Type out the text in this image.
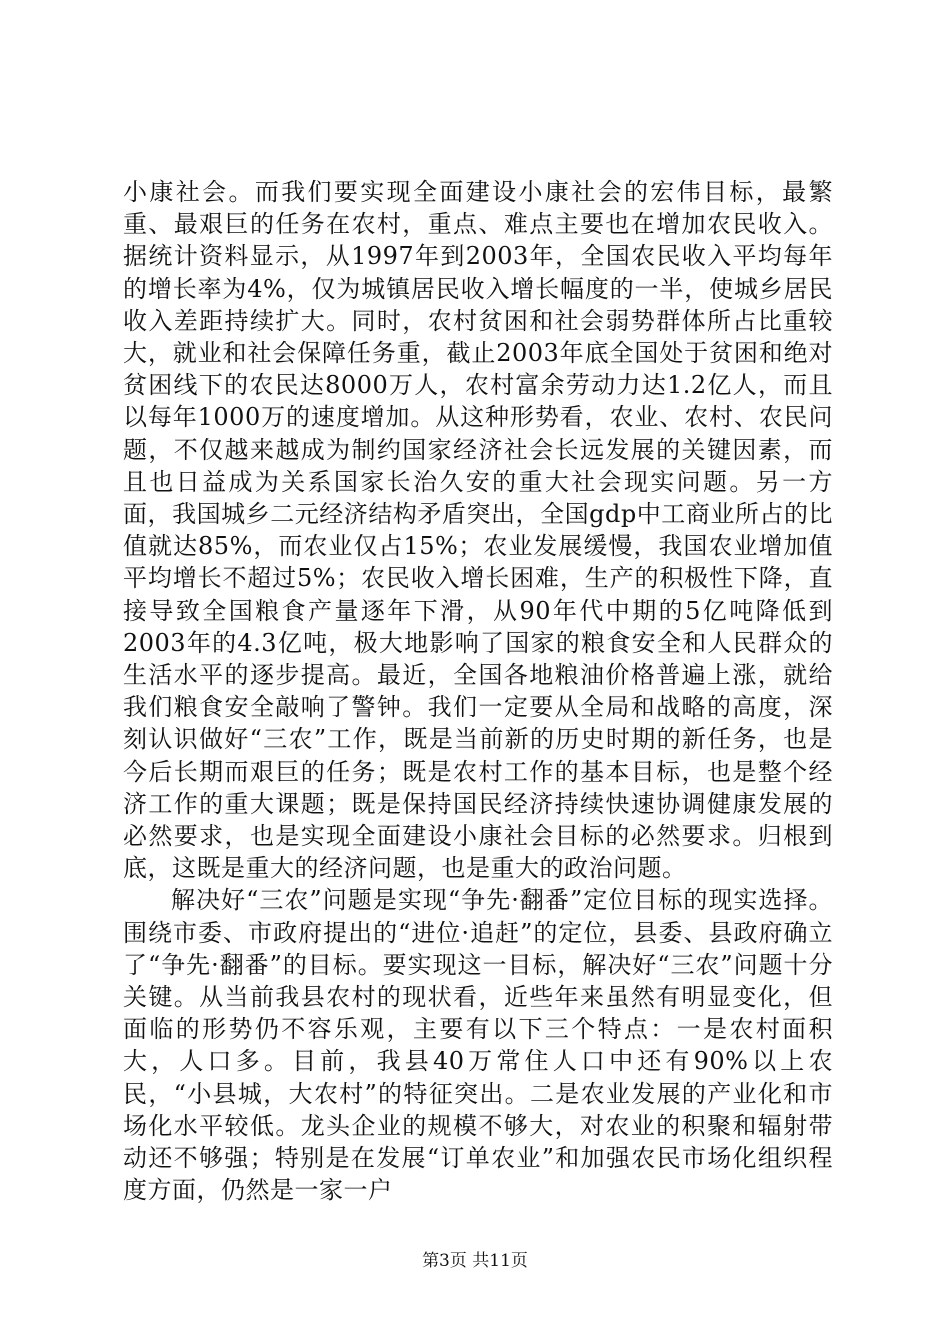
小康社会。而我们要实现全面建设小康社会的宏伟目标，最繁重、最艰巨的任务在农村，重点、难点主要也在增加农民收入。据统计资料显示，从1997年到2003年，全国农民收入平均每年的增长率为4%，仅为城镇居民收入增长幅度的一半，使城乡居民收入差距持续扩大。同时，农村贫困和社会弱势群体所占比重较大，就业和社会保障任务重，截止2003年底全国处于贫困和绝对贫困线下的农民达8000万人，农村富余劳动力达1.2亿人，而且以每年1000万的速度增加。从这种形势看，农业、农村、农民问题，不仅越来越成为制约国家经济社会长远发展的关键因素，而且也日益成为关系国家长治久安的重大社会现实问题。另一方面，我国城乡二元经济结构矛盾突出，全国gdp中工商业所占的比值就达85%，而农业仅占15%；农业发展缓慢，我国农业增加值平均增长不超过5%；农民收入增长困难，生产的积极性下降，直接导致全国粮食产量逐年下滑，从90年代中期的5亿吨降低到2003年的4.3亿吨，极大地影响了国家的粮食安全和人民群众的生活水平的逐步提高。最近，全国各地粮油价格普遍上涨，就给我们粮食安全敲响了警钟。我们一定要从全局和战略的高度，深刻认识做好“三农”工作，既是当前新的历史时期的新任务，也是今后长期而艰巨的任务；既是农村工作的基本目标，也是整个经济工作的重大课题；既是保持国民经济持续快速协调健康发展的必然要求，也是实现全面建设小康社会目标的必然要求。归根到底，这既是重大的经济问题，也是重大的政治问题。

解决好“三农”问题是实现“争先·翻番”定位目标的现实选择。围绕市委、市政府提出的“进位·追赶”的定位，县委、县政府确立了“争先·翻番”的目标。要实现这一目标，解决好“三农”问题十分关键。从当前我县农村的现状看，近些年来虽然有明显变化，但面临的形势仍不容乐观，主要有以下三个特点：一是农村面积大，人口多。目前，我县40万常住人口中还有90%以上农民，“小县城，大农村”的特征突出。二是农业发展的产业化和市场化水平较低。龙头企业的规模不够大，对农业的积聚和辐射带动还不够强；特别是在发展“订单农业”和加强农民市场化组织程度方面，仍然是一家一户

第3页 共11页
